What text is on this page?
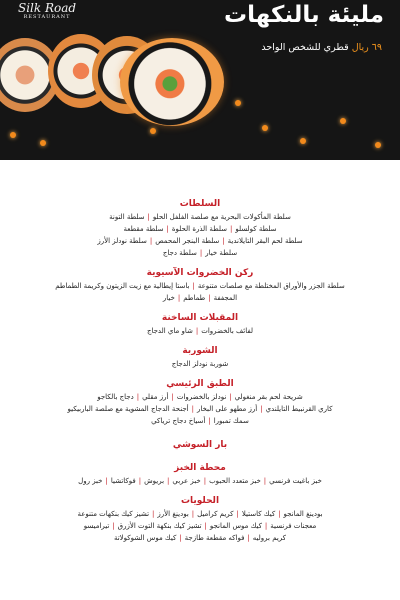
Silk Road
RESTAURANT	مليئة بالنكهات
٦٩ ريال قطري للشخص الواحد
السلطات
سلطة المأكولات البحرية مع صلصة الفلفل الحلو|سلطة التونة
سلطة كولسلو|سلطة الذرة الحلوة|سلطة مقطعة
سلطة لحم البقر التايلاندية|سلطة البنجر المحمص|سلطة نودلز الأرز
سلطة خيار|سلطة دجاج
ركن الخضروات الآسيوية
سلطة الجزر والأوراق المختلطة مع صلصات متنوعة|باستا إيطالية مع زيت الزيتون وكريمة الطماطم
المجففة|طماطم|خيار
المقبلات الساخنة
لفائف بالخضروات|شاو ماي الدجاج
الشوربة
شوربة نودلز الدجاج
الطبق الرئيسي
شريحة لحم بقر منغولي|نودلز بالخضروات|أرز مقلي|دجاج بالكاجو
كاري القرنبيط التايلندي|أرز مطهو على البخار|أجنحة الدجاج المشوية مع صلصة الباربيكيو
سمك تمبورا|أسياخ دجاج ترياكي
بار السوشي
محطة الخبز
خبز باغيت فرنسي|خبز متعدد الحبوب|خبز عربي|بريوش|فوكاتشيا|خبز رول
الحلويات
بودينغ المانجو|كيك كاستيلا|كريم كراميل|بودينغ الأرز|تشيز كيك بنكهات متنوعة
معجنات فرنسية|كيك موس المانجو|تشيز كيك بنكهة التوت الأزرق|تيراميسو
كريم بروليه|فواكه مقطعة طازجة|كيك موس الشوكولاتة
